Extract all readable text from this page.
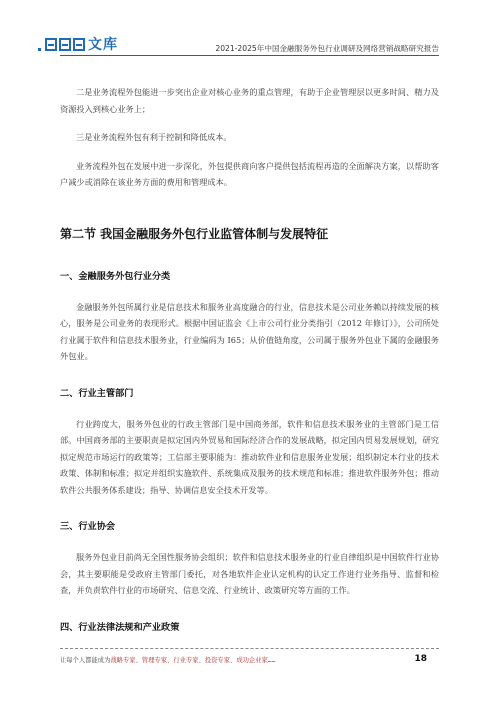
文库	2021-2025年中国金融服务外包行业调研及网络营销战略研究报告

二是业务流程外包能进一步突出企业对核心业务的重点管理，有助于企业管理层以更多时间、精力及资源投入到核心业务上；

三是业务流程外包有利于控制和降低成本。

业务流程外包在发展中进一步深化，外包提供商向客户提供包括流程再造的全面解决方案，以帮助客户减少或消除在该业务方面的费用和管理成本。

第二节 我国金融服务外包行业监管体制与发展特征
一、金融服务外包行业分类

金融服务外包所属行业是信息技术和服务业高度融合的行业，信息技术是公司业务赖以持续发展的核心，服务是公司业务的表现形式。根据中国证监会《上市公司行业分类指引（2012 年修订）》，公司所处行业属于软件和信息技术服务业，行业编码为 I65；从价值链角度，公司属于服务外包业下属的金融服务外包业。

二、行业主管部门

行业跨度大，服务外包业的行政主管部门是中国商务部，软件和信息技术服务业的主管部门是工信部。中国商务部的主要职责是拟定国内外贸易和国际经济合作的发展战略，拟定国内贸易发展规划，研究拟定规范市场运行的政策等；工信部主要职能为：推动软件业和信息服务业发展；组织制定本行业的技术政策、体制和标准；拟定并组织实施软件、系统集成及服务的技术规范和标准；推进软件服务外包；推动软件公共服务体系建设；指导、协调信息安全技术开发等。

三、行业协会

服务外包业目前尚无全国性服务协会组织；软件和信息技术服务业的行业自律组织是中国软件行业协会，其主要职能是受政府主管部门委托，对各地软件企业认定机构的认定工作进行业务指导、监督和检查，并负责软件行业的市场研究、信息交流、行业统计、政策研究等方面的工作。

四、行业法律法规和产业政策
让每个人都能成为战略专家、管理专家、行业专家、投资专家、成功企业家……	18
